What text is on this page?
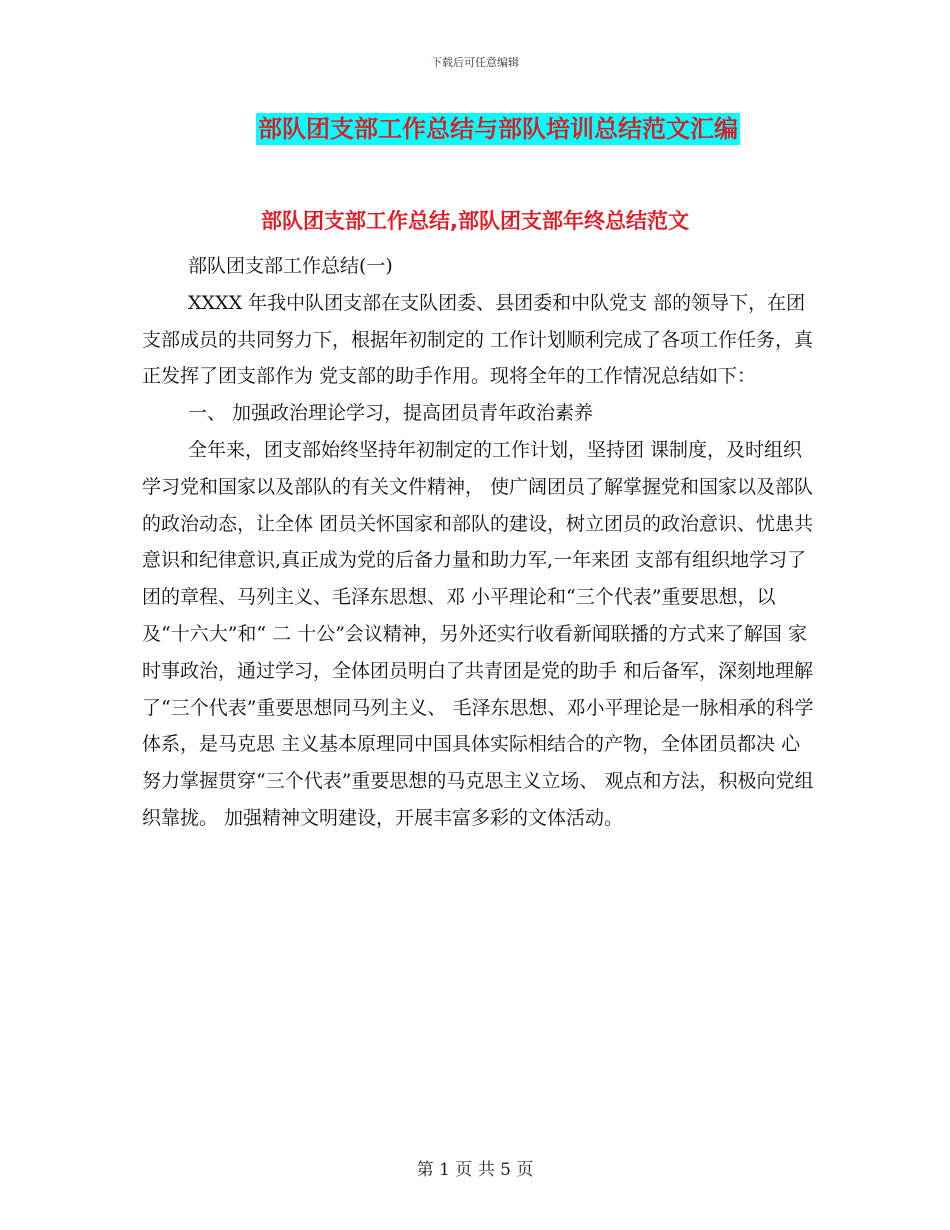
下载后可任意编辑
部队团支部工作总结与部队培训总结范文汇编
部队团支部工作总结,部队团支部年终总结范文

部队团支部工作总结(一)

XXXX 年我中队团支部在支队团委、县团委和中队党支 部的领导下，在团支部成员的共同努力下，根据年初制定的 工作计划顺利完成了各项工作任务，真正发挥了团支部作为 党支部的助手作用。现将全年的工作情况总结如下：

一、 加强政治理论学习，提高团员青年政治素养

全年来，团支部始终坚持年初制定的工作计划，坚持团 课制度，及时组织学习党和国家以及部队的有关文件精神， 使广阔团员了解掌握党和国家以及部队的政治动态，让全体 团员关怀国家和部队的建设，树立团员的政治意识、忧患共 意识和纪律意识,真正成为党的后备力量和助力军,一年来团 支部有组织地学习了团的章程、马列主义、毛泽东思想、邓 小平理论和“三个代表”重要思想，以及“十六大”和“ 二 十公”会议精神，另外还实行收看新闻联播的方式来了解国 家时事政治，通过学习，全体团员明白了共青团是党的助手 和后备军，深刻地理解了“三个代表”重要思想同马列主义、 毛泽东思想、邓小平理论是一脉相承的科学体系，是马克思 主义基本原理同中国具体实际相结合的产物，全体团员都决 心努力掌握贯穿“三个代表”重要思想的马克思主义立场、 观点和方法，积极向党组织靠拢。 加强精神文明建设，开展丰富多彩的文体活动。

第 1 页 共 5 页
